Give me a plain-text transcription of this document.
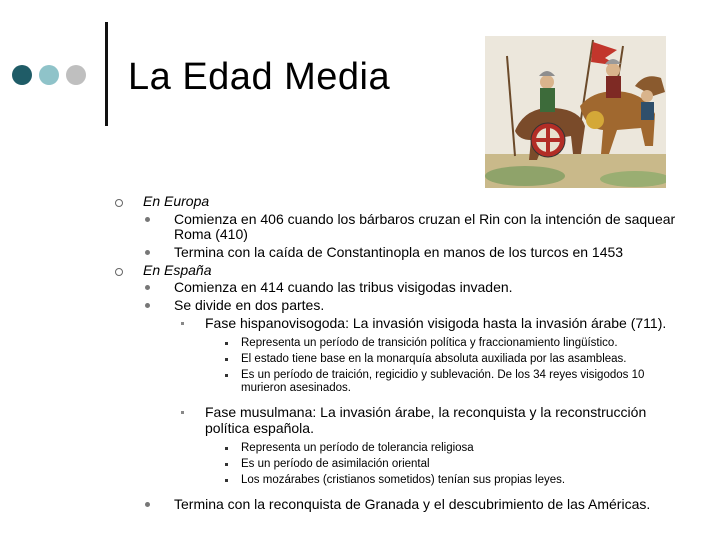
La Edad Media
En Europa
Comienza en 406 cuando los bárbaros cruzan el Rin con la intención de saquear Roma (410)
Termina con la caída de Constantinopla en manos de los turcos en 1453
En España
Comienza en 414 cuando las tribus visigodas invaden.
Se divide en dos partes.
Fase hispanovisogoda: La invasión visigoda hasta la invasión árabe (711).
Representa un período de transición política y fraccionamiento lingüístico.
El estado tiene base en la monarquía absoluta auxiliada por las asambleas.
Es un período de traición, regicidio y sublevación. De los 34 reyes visigodos 10 murieron asesinados.
Fase musulmana: La invasión árabe, la reconquista y la reconstrucción política española.
Representa un período de tolerancia religiosa
Es un período de asimilación oriental
Los mozárabes (cristianos sometidos) tenían sus propias leyes.
Termina con la reconquista de Granada y el descubrimiento de las Américas.
